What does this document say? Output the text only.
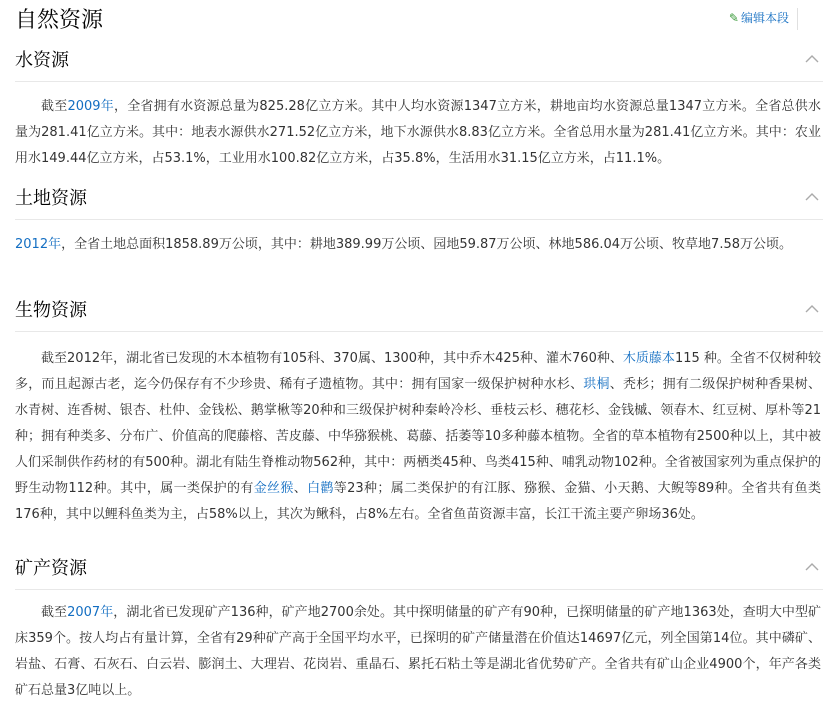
自然资源	✎ 编辑本段
水资源

截至2009年，全省拥有水资源总量为825.28亿立方米。其中人均水资源1347立方米，耕地亩均水资源总量1347立方米。全省总供水量为281.41亿立方米。其中：地表水源供水271.52亿立方米，地下水源供水8.83亿立方米。全省总用水量为281.41亿立方米。其中：农业用水149.44亿立方米，占53.1%，工业用水100.82亿立方米，占35.8%，生活用水31.15亿立方米，占11.1%。

土地资源

2012年，全省土地总面积1858.89万公顷，其中：耕地389.99万公顷、园地59.87万公顷、林地586.04万公顷、牧草地7.58万公顷。

生物资源

截至2012年，湖北省已发现的木本植物有105科、370属、1300种，其中乔木425种、灌木760种、木质藤本115 种。全省不仅树种较多，而且起源古老，迄今仍保存有不少珍贵、稀有孑遗植物。其中：拥有国家一级保护树种水杉、珙桐、秃杉；拥有二级保护树种香果树、水青树、连香树、银杏、杜仲、金钱松、鹅掌楸等20种和三级保护树种秦岭冷杉、垂枝云杉、穗花杉、金钱槭、领春木、红豆树、厚朴等21种；拥有种类多、分布广、价值高的爬藤榕、苦皮藤、中华猕猴桃、葛藤、括萎等10多种藤本植物。全省的草本植物有2500种以上，其中被人们采制供作药材的有500种。湖北有陆生脊椎动物562种，其中：两栖类45种、鸟类415种、哺乳动物102种。全省被国家列为重点保护的野生动物112种。其中，属一类保护的有金丝猴、白鹳等23种；属二类保护的有江豚、猕猴、金猫、小天鹅、大鲵等89种。全省共有鱼类176种，其中以鲤科鱼类为主，占58%以上，其次为鳅科，占8%左右。全省鱼苗资源丰富，长江干流主要产卵场36处。

矿产资源

截至2007年，湖北省已发现矿产136种，矿产地2700余处。其中探明储量的矿产有90种，已探明储量的矿产地1363处，查明大中型矿床359个。按人均占有量计算，全省有29种矿产高于全国平均水平，已探明的矿产储量潜在价值达14697亿元，列全国第14位。其中磷矿、岩盐、石膏、石灰石、白云岩、膨润土、大理岩、花岗岩、重晶石、累托石粘土等是湖北省优势矿产。全省共有矿山企业4900个，年产各类矿石总量3亿吨以上。
